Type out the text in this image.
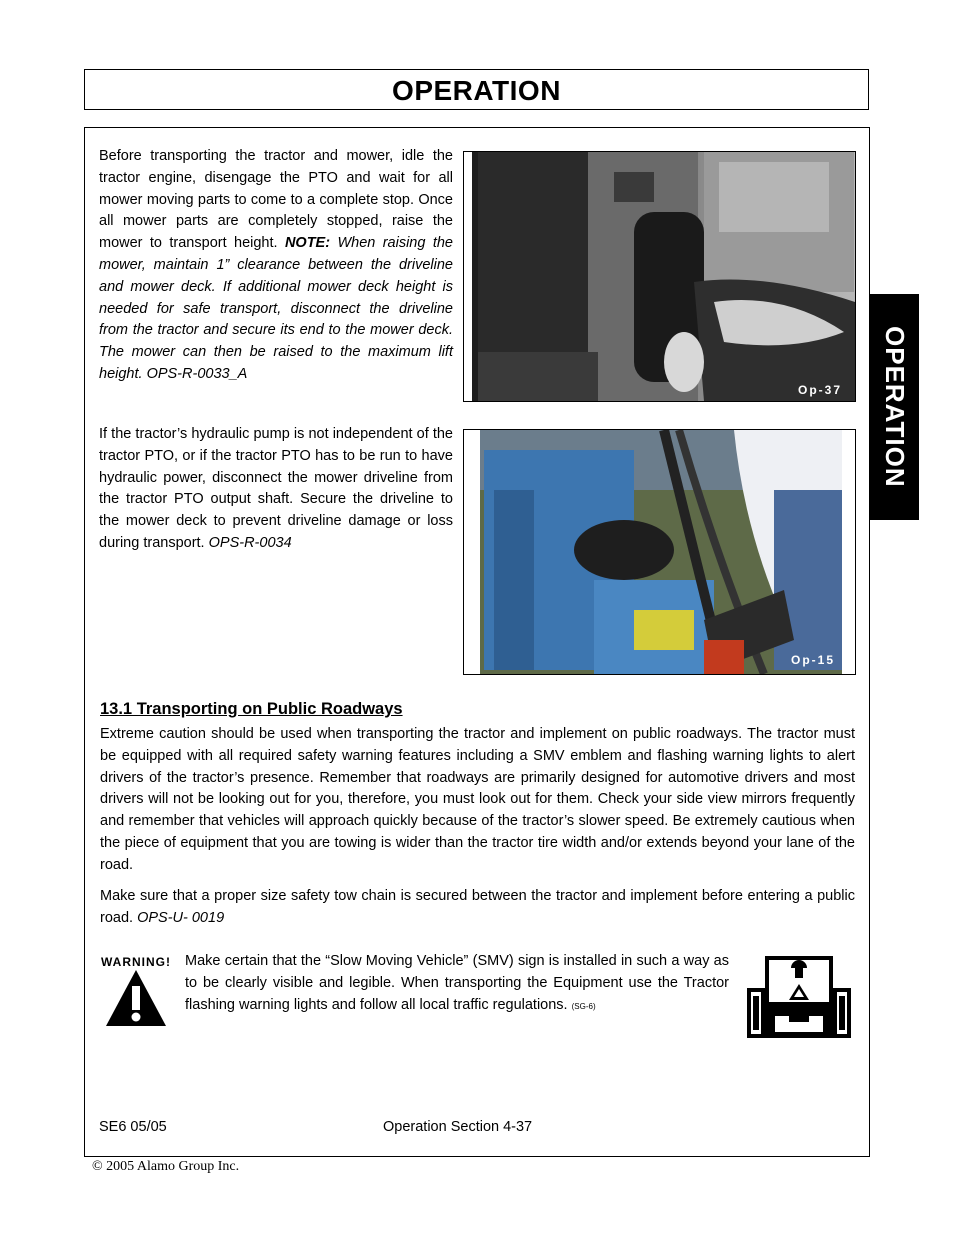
OPERATION
OPERATION
Before transporting the tractor and mower, idle the tractor engine, disengage the PTO and wait for all mower moving parts to come to a complete stop. Once all mower parts are completely stopped, raise the mower to transport height. NOTE: When raising the mower, maintain 1” clearance between the driveline and mower deck. If additional mower deck height is needed for safe transport, disconnect the driveline from the tractor and secure its end to the mower deck. The mower can then be raised to the maximum lift height. OPS-R-0033_A
Op-37
If the tractor’s hydraulic pump is not independent of the tractor PTO, or if the tractor PTO has to be run to have hydraulic power, disconnect the mower driveline from the tractor PTO output shaft. Secure the driveline to the mower deck to prevent driveline damage or loss during transport. OPS-R-0034
Op-15
13.1 Transporting on Public Roadways
Extreme caution should be used when transporting the tractor and implement on public roadways. The tractor must be equipped with all required safety warning features including a SMV emblem and flashing warning lights to alert drivers of the tractor’s presence. Remember that roadways are primarily designed for automotive drivers and most drivers will not be looking out for you, therefore, you must look out for them. Check your side view mirrors frequently and remember that vehicles will approach quickly because of the tractor’s slower speed. Be extremely cautious when the piece of equipment that you are towing is wider than the tractor tire width and/or extends beyond your lane of the road.
Make sure that a proper size safety tow chain is secured between the tractor and implement before entering a public road. OPS-U- 0019
WARNING! Make certain that the “Slow Moving Vehicle” (SMV) sign is installed in such a way as to be clearly visible and legible. When transporting the Equipment use the Tractor flashing warning lights and follow all local traffic regulations. (SG-6)
SE6 05/05	Operation Section 4-37
© 2005 Alamo Group Inc.
